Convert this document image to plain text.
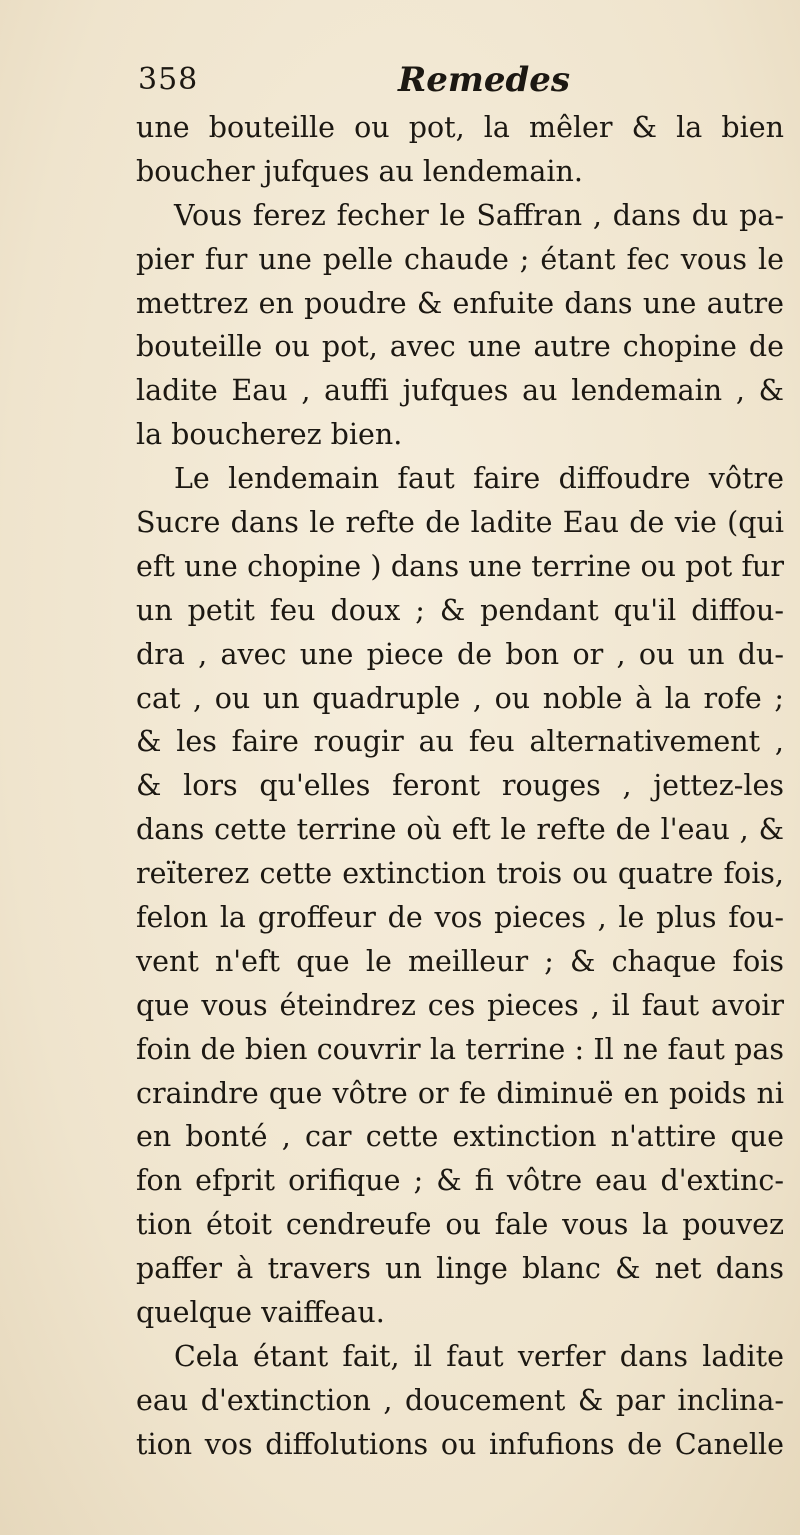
358	Remedes
une bouteille ou pot, la mêler & la bien
boucher jufques au lendemain.
Vous ferez fecher le Saffran , dans du pa-
pier fur une pelle chaude ; étant fec vous le
mettrez en poudre & enfuite dans une autre
bouteille ou pot, avec une autre chopine de
ladite Eau , auffi jufques au lendemain , &
la boucherez bien.
Le lendemain faut faire diffoudre vôtre
Sucre dans le refte de ladite Eau de vie (qui
eft une chopine ) dans une terrine ou pot fur
un petit feu doux ; & pendant qu'il diffou-
dra , avec une piece de bon or , ou un du-
cat , ou un quadruple , ou noble à la rofe ;
& les faire rougir au feu alternativement ,
& lors qu'elles feront rouges , jettez-les
dans cette terrine où eft le refte de l'eau , &
reïterez cette extinction trois ou quatre fois,
felon la groffeur de vos pieces , le plus fou-
vent n'eft que le meilleur ; & chaque fois
que vous éteindrez ces pieces , il faut avoir
foin de bien couvrir la terrine : Il ne faut pas
craindre que vôtre or fe diminuë en poids ni
en bonté , car cette extinction n'attire que
fon efprit orifique ; & fi vôtre eau d'extinc-
tion étoit cendreufe ou fale vous la pouvez
paffer à travers un linge blanc & net dans
quelque vaiffeau.
Cela étant fait, il faut verfer dans ladite
eau d'extinction , doucement & par inclina-
tion vos diffolutions ou infufions de Canelle
